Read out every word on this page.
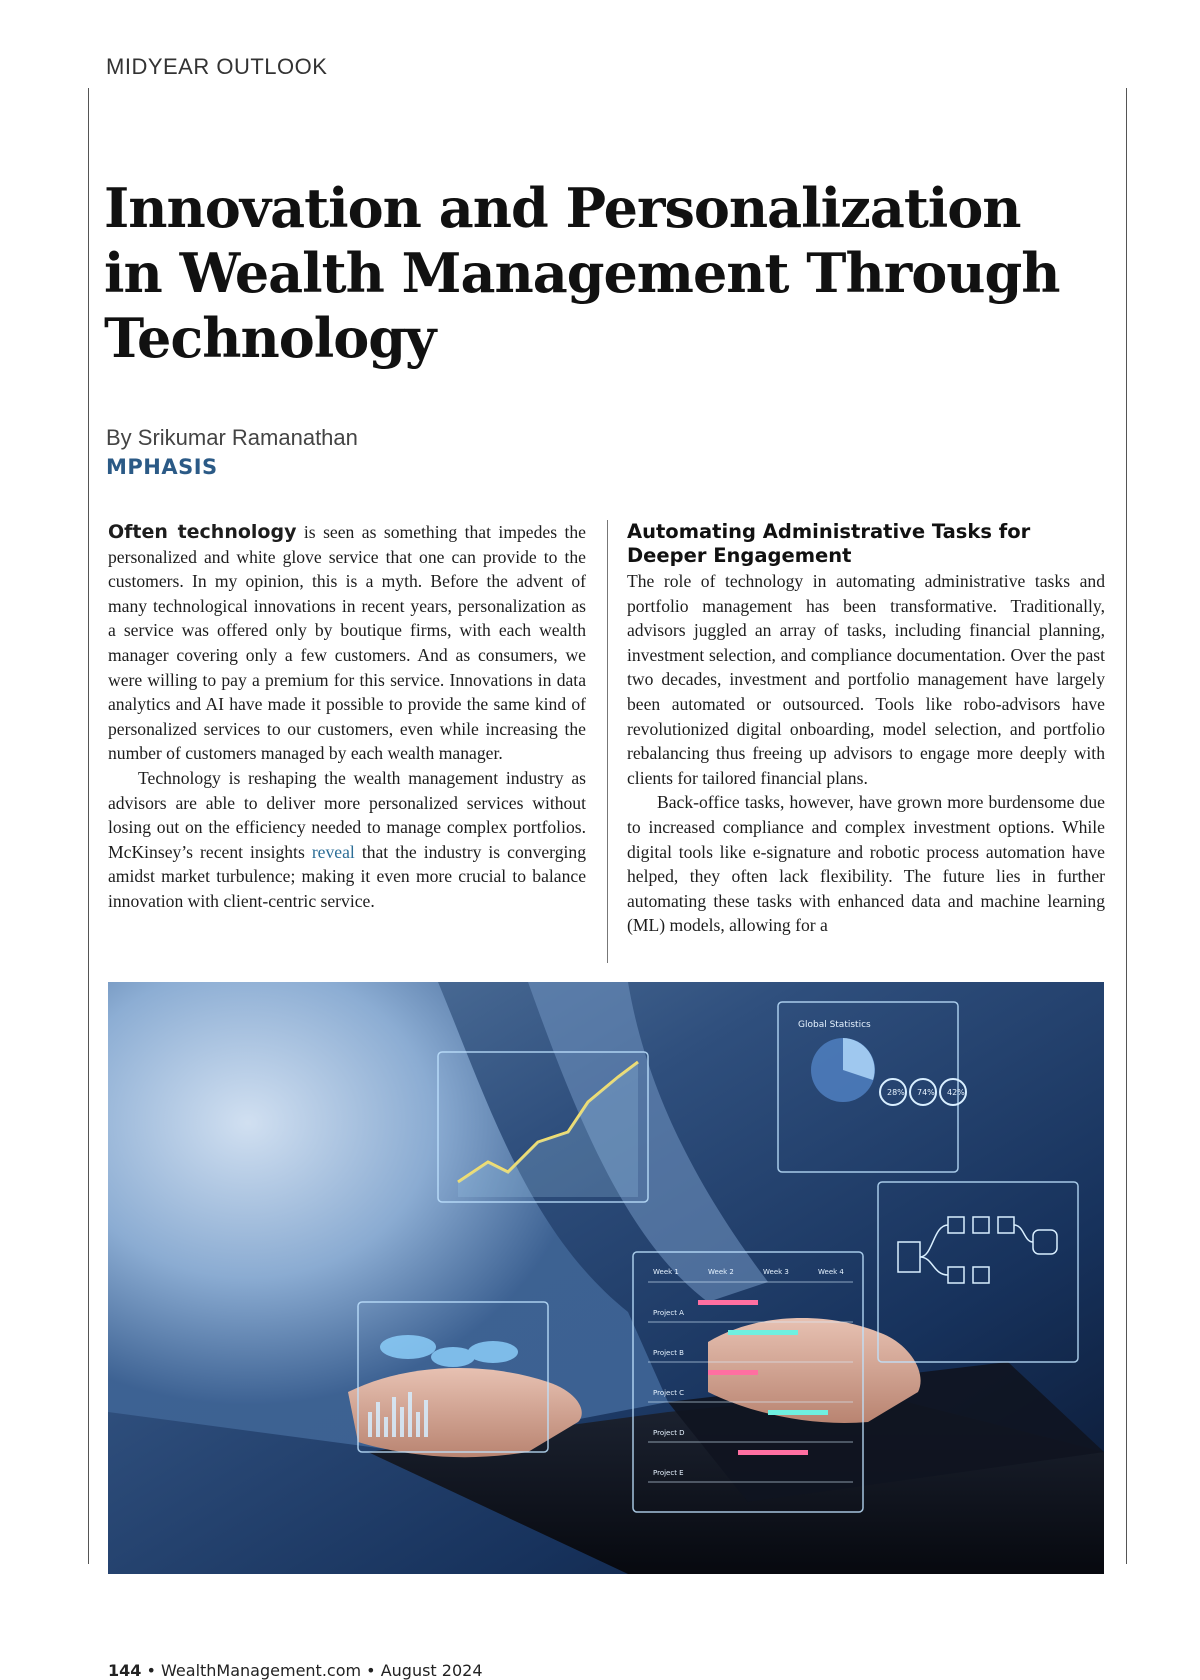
MIDYEAR OUTLOOK
Innovation and Personalization
in Wealth Management Through
Technology
By Srikumar Ramanathan
MPHASIS

Often technology is seen as something that impedes the personalized and white glove service that one can provide to the customers. In my opinion, this is a myth. Before the advent of many technological innovations in recent years, personalization as a service was offered only by boutique firms, with each wealth manager covering only a few customers. And as consumers, we were willing to pay a premium for this service. Innovations in data analytics and AI have made it possible to provide the same kind of personalized services to our customers, even while increasing the number of customers managed by each wealth manager.

Technology is reshaping the wealth management industry as advisors are able to deliver more personalized services without losing out on the efficiency needed to manage complex portfolios. McKinsey’s recent insights reveal that the industry is converging amidst market turbulence; making it even more crucial to balance innovation with client-centric service.

Automating Administrative Tasks for Deeper Engagement

The role of technology in automating administrative tasks and portfolio management has been transformative. Traditionally, advisors juggled an array of tasks, including financial planning, investment selection, and compliance documentation. Over the past two decades, investment and portfolio management have largely been automated or outsourced. Tools like robo-advisors have revolutionized digital onboarding, model selection, and portfolio rebalancing thus freeing up advisors to engage more deeply with clients for tailored financial plans.

Back-office tasks, however, have grown more burdensome due to increased compliance and complex investment options. While digital tools like e-signature and robotic process automation have helped, they often lack flexibility. The future lies in further automating these tasks with enhanced data and machine learning (ML) models, allowing for a

Global Statistics
28% 74% 42%
Week 1	Week 2	Week 3	Week 4
Project A
Project B
Project C
Project D
Project E
144 • WealthManagement.com • August 2024
